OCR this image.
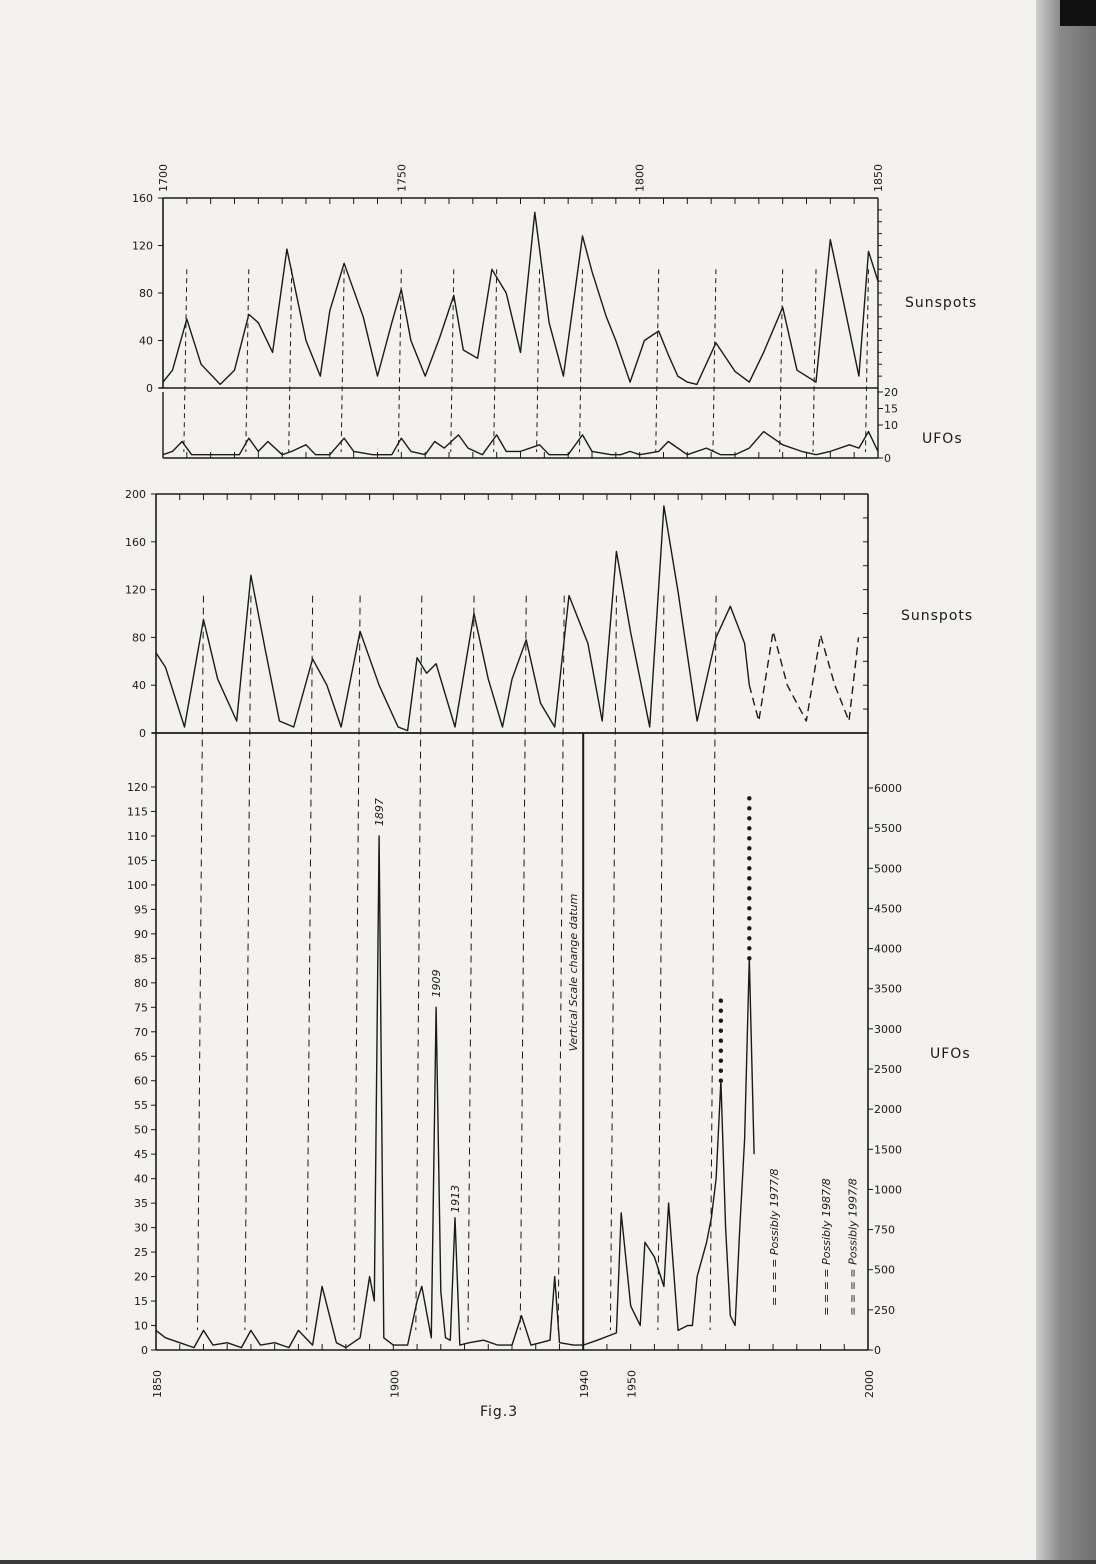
1700	1750	1800	1850
160
120
80
40
0	20
15
10
0
200
160
120
80
40
0
0
10
15
20
25
30
35
40
45
50
55
60
65
70
75
80
85
90
95
100
105
110
115
120
0
250
500
750
1000
1500
2000
2500
3000
3500
4000
4500
5000
5500
6000
1850	1900	1940	1950	2000
1897
1909
1913
Vertical Scale change datum
= = = = Possibly 1977/8	= = = = Possibly 1987/8 = = = = Possibly 1997/8
Sunspots
UFOs
Sunspots
UFOs
Fig.3
